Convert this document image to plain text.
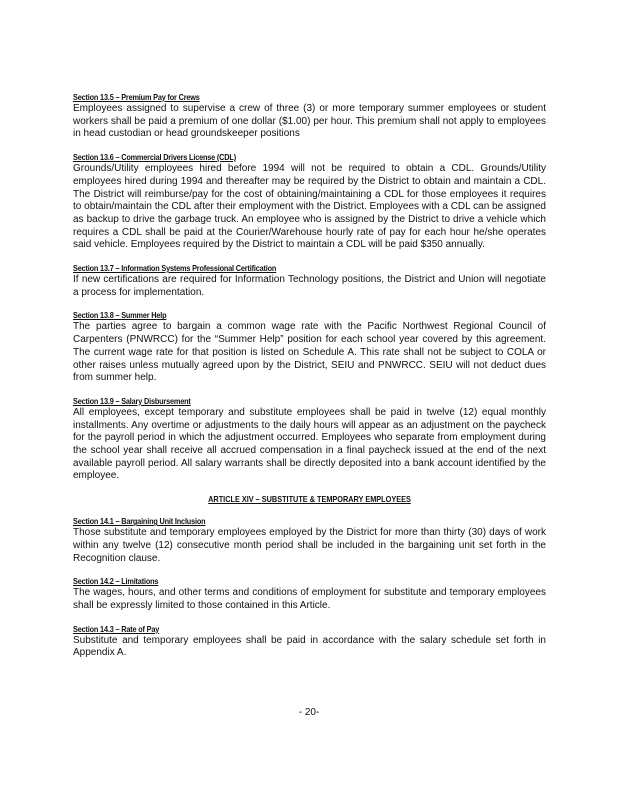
Section 13.5 – Premium Pay for Crews

Employees assigned to supervise a crew of three (3) or more temporary summer employees or student workers shall be paid a premium of one dollar ($1.00) per hour. This premium shall not apply to employees in head custodian or head groundskeeper positions

Section 13.6 – Commercial Drivers License (CDL)

Grounds/Utility employees hired before 1994 will not be required to obtain a CDL. Grounds/Utility employees hired during 1994 and thereafter may be required by the District to obtain and maintain a CDL. The District will reimburse/pay for the cost of obtaining/maintaining a CDL for those employees it requires to obtain/maintain the CDL after their employment with the District. Employees with a CDL can be assigned as backup to drive the garbage truck. An employee who is assigned by the District to drive a vehicle which requires a CDL shall be paid at the Courier/Warehouse hourly rate of pay for each hour he/she operates said vehicle. Employees required by the District to maintain a CDL will be paid $350 annually.

Section 13.7 – Information Systems Professional Certification

If new certifications are required for Information Technology positions, the District and Union will negotiate a process for implementation.

Section 13.8 – Summer Help

The parties agree to bargain a common wage rate with the Pacific Northwest Regional Council of Carpenters (PNWRCC) for the “Summer Help” position for each school year covered by this agreement. The current wage rate for that position is listed on Schedule A. This rate shall not be subject to COLA or other raises unless mutually agreed upon by the District, SEIU and PNWRCC. SEIU will not deduct dues from summer help.

Section 13.9 – Salary Disbursement

All employees, except temporary and substitute employees shall be paid in twelve (12) equal monthly installments. Any overtime or adjustments to the daily hours will appear as an adjustment on the paycheck for the payroll period in which the adjustment occurred. Employees who separate from employment during the school year shall receive all accrued compensation in a final paycheck issued at the end of the next available payroll period. All salary warrants shall be directly deposited into a bank account identified by the employee.

ARTICLE XIV – SUBSTITUTE & TEMPORARY EMPLOYEES
Section 14.1 – Bargaining Unit Inclusion

Those substitute and temporary employees employed by the District for more than thirty (30) days of work within any twelve (12) consecutive month period shall be included in the bargaining unit set forth in the Recognition clause.

Section 14.2 – Limitations

The wages, hours, and other terms and conditions of employment for substitute and temporary employees shall be expressly limited to those contained in this Article.

Section 14.3 – Rate of Pay

Substitute and temporary employees shall be paid in accordance with the salary schedule set forth in Appendix A.

- 20-
